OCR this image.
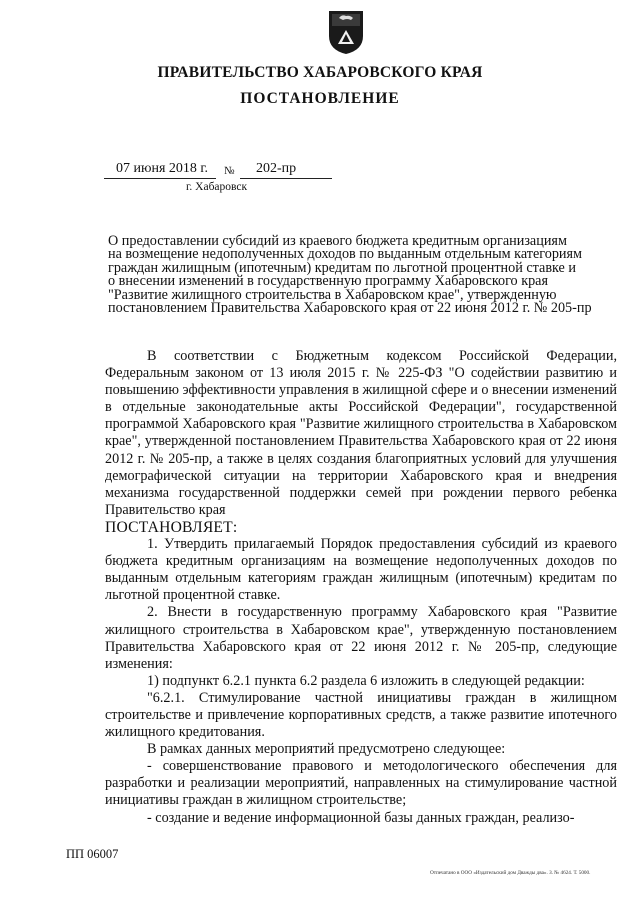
ПРАВИТЕЛЬСТВО ХАБАРОВСКОГО КРАЯ
ПОСТАНОВЛЕНИЕ
07 июня 2018 г. № 202-пр
г. Хабаровск
О предоставлении субсидий из краевого бюджета кредитным организациям
на возмещение недополученных доходов по выданным отдельным категориям
граждан жилищным (ипотечным) кредитам по льготной процентной ставке и
о внесении изменений в государственную программу Хабаровского края
"Развитие жилищного строительства в Хабаровском крае", утвержденную
постановлением Правительства Хабаровского края от 22 июня 2012 г. № 205-пр

В соответствии с Бюджетным кодексом Российской Федерации, Федеральным законом от 13 июля 2015 г. № 225-ФЗ "О содействии развитию и повышению эффективности управления в жилищной сфере и о внесении изменений в отдельные законодательные акты Российской Федерации", государственной программой Хабаровского края "Развитие жилищного строительства в Хабаровском крае", утвержденной постановлением Правительства Хабаровского края от 22 июня 2012 г. № 205-пр, а также в целях создания благоприятных условий для улучшения демографической ситуации на территории Хабаровского края и внедрения механизма государственной поддержки семей при рождении первого ребенка Правительство края

ПОСТАНОВЛЯЕТ:

1. Утвердить прилагаемый Порядок предоставления субсидий из краевого бюджета кредитным организациям на возмещение недополученных доходов по выданным отдельным категориям граждан жилищным (ипотечным) кредитам по льготной процентной ставке.

2. Внести в государственную программу Хабаровского края "Развитие жилищного строительства в Хабаровском крае", утвержденную постановлением Правительства Хабаровского края от 22 июня 2012 г. № 205-пр, следующие изменения:

1) подпункт 6.2.1 пункта 6.2 раздела 6 изложить в следующей редакции:

"6.2.1. Стимулирование частной инициативы граждан в жилищном строительстве и привлечение корпоративных средств, а также развитие ипотечного жилищного кредитования.

В рамках данных мероприятий предусмотрено следующее:

- совершенствование правового и методологического обеспечения для разработки и реализации мероприятий, направленных на стимулирование частной инициативы граждан в жилищном строительстве;

- создание и ведение информационной базы данных граждан, реализо-

ПП 06007
Отпечатано в ООО «Издательский дом Дважды два». З. № 4624. Т. 5000.
